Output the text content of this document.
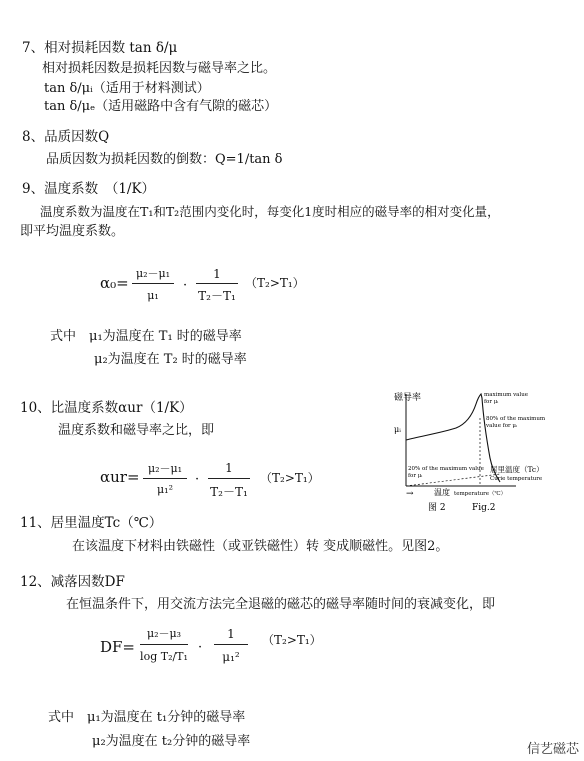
7、相对损耗因数 tan δ/μ
相对损耗因数是损耗因数与磁导率之比。
tan δ/μᵢ（适用于材料测试）
tan δ/μₑ（适用磁路中含有气隙的磁芯）
8、品质因数Q
品质因数为损耗因数的倒数：Q=1/tan δ
9、温度系数　（1/K）
温度系数为温度在T₁和T₂范围内变化时，每变化1度时相应的磁导率的相对变化量，
即平均温度系数。
α₀=
μ₂－μ₁
μ₁
·
1
T₂－T₁
（T₂>T₁）
式中　μ₁为温度在 T₁ 时的磁导率
μ₂为温度在 T₂ 时的磁导率
10、比温度系数αur（1/K）
温度系数和磁导率之比，即
αur= μ₂－μ₁
μ₁²
·
1
T₂－T₁
（T₂>T₁）
磁导率
μᵢ
maximum value
for μᵢ
80% of the maximum
value for μᵢ
20% of the maximum value
for μᵢ
居里温度（Tc）
Curie temperature
→	温度 temperature（℃）
图 2	Fig.2
11、居里温度Tc（℃）
在该温度下材料由铁磁性（或亚铁磁性）转 变成顺磁性。见图2。
12、减落因数DF
在恒温条件下，用交流方法完全退磁的磁芯的磁导率随时间的衰减变化，即
DF=
μ₂－μ₃
log T₂/T₁
·
1
μ₁²
（T₂>T₁）
式中　μ₁为温度在 t₁分钟的磁导率
μ₂为温度在 t₂分钟的磁导率
信艺磁芯
